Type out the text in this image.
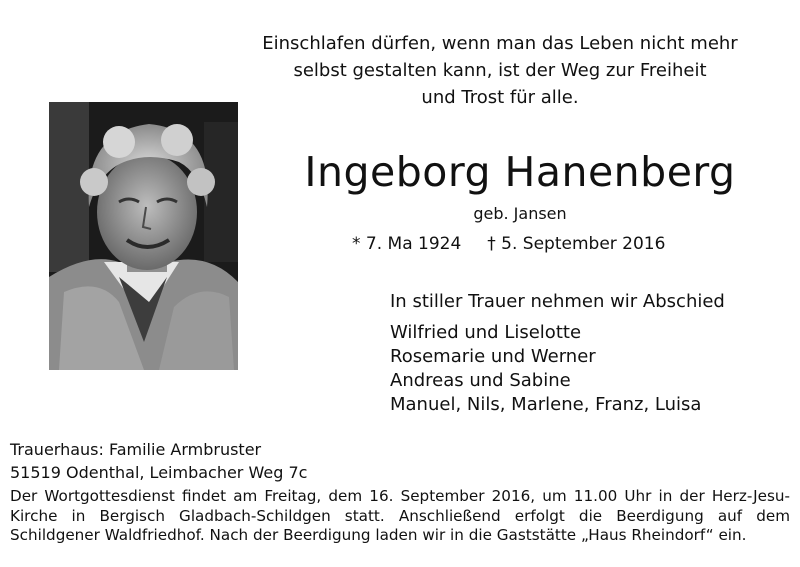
Einschlafen dürfen, wenn man das Leben nicht mehr
selbst gestalten kann, ist der Weg zur Freiheit
und Trost für alle.
Ingeborg Hanenberg
geb. Jansen
* 7. Ma 1924 † 5. September 2016
In stiller Trauer nehmen wir Abschied
Wilfried und Liselotte
Rosemarie und Werner
Andreas und Sabine
Manuel, Nils, Marlene, Franz, Luisa
Trauerhaus: Familie Armbruster
51519 Odenthal, Leimbacher Weg 7c
Der Wortgottesdienst findet am Freitag, dem 16. September 2016, um 11.00 Uhr in der Herz-Jesu-Kirche in Bergisch Gladbach-Schildgen statt. Anschließend erfolgt die Beerdigung auf dem Schildgener Waldfriedhof. Nach der Beerdigung laden wir in die Gaststätte „Haus Rheindorf“ ein.
